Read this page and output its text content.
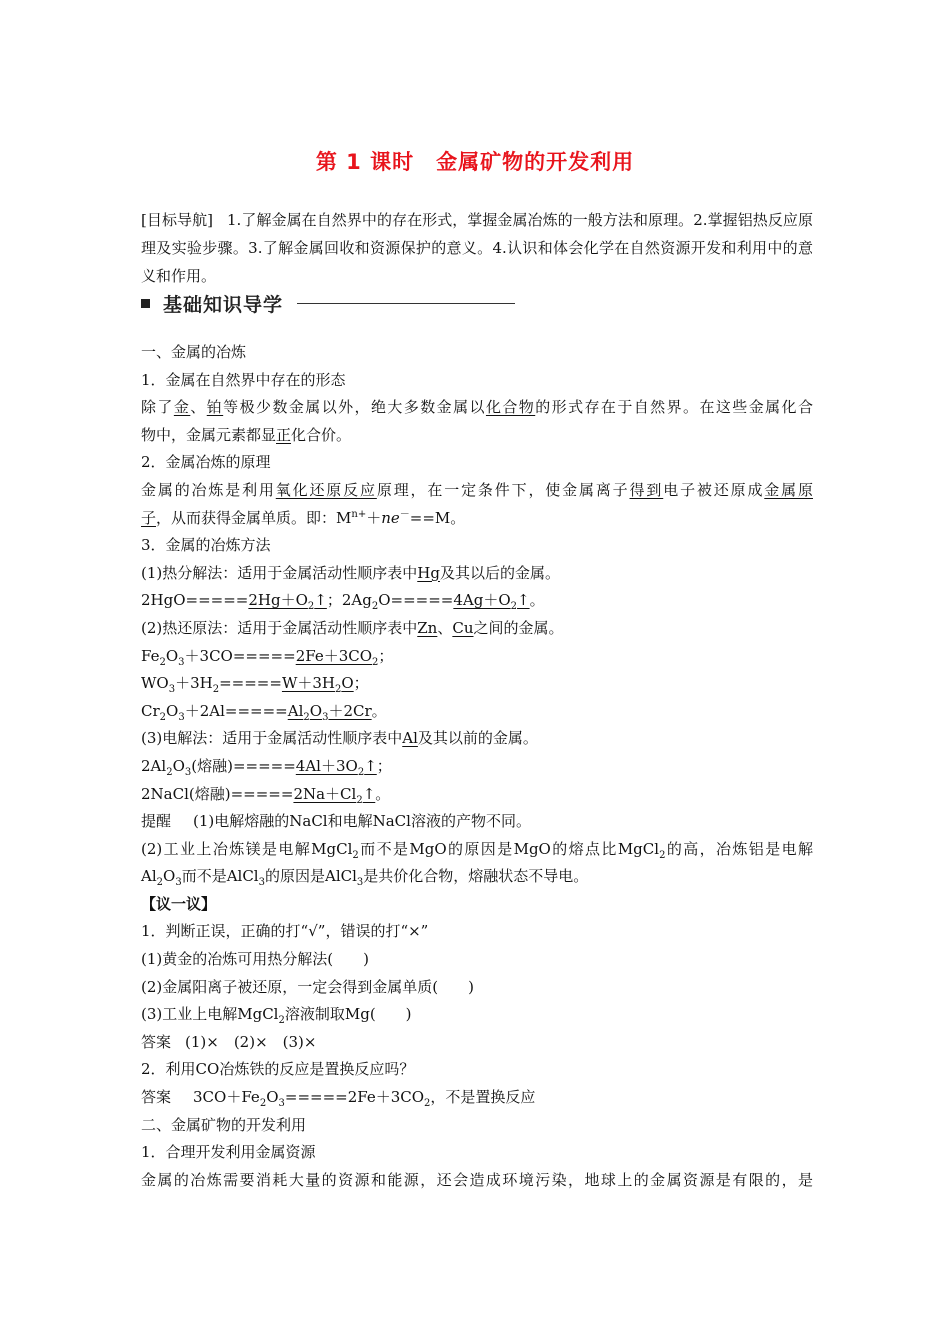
第 1 课时 金属矿物的开发利用
[目标导航] 1.了解金属在自然界中的存在形式，掌握金属冶炼的一般方法和原理。2.掌握铝热反应原理及实验步骤。3.了解金属回收和资源保护的意义。4.认识和体会化学在自然资源开发和利用中的意义和作用。
基础知识导学
一、金属的冶炼
1．金属在自然界中存在的形态
除了金、铂等极少数金属以外，绝大多数金属以化合物的形式存在于自然界。在这些金属化合
物中，金属元素都显正化合价。
2．金属冶炼的原理
金属的冶炼是利用氧化还原反应原理，在一定条件下，使金属离子得到电子被还原成金属原
子，从而获得金属单质。即：$M^{n+}+ne^-==M$。
3．金属的冶炼方法
(1)热分解法：适用于金属活动性顺序表中Hg及其以后的金属。
$2HgO=====2Hg+O_2↑$；$2Ag_2O=====4Ag+O_2↑$。
(2)热还原法：适用于金属活动性顺序表中Zn、Cu之间的金属。
$Fe_2O_3+3CO=====2Fe+3CO_2$；
$WO_3+3H_2=====W+3H_2O$；
$Cr_2O_3+2Al=====Al_2O_3+2Cr$。
(3)电解法：适用于金属活动性顺序表中Al及其以前的金属。
$2Al_2O_3$(熔融)$=====4Al+3O_2↑$；
2NaCl(熔融)$=====2Na+Cl_2↑$。
提醒 (1)电解熔融的NaCl和电解NaCl溶液的产物不同。
(2)工业上冶炼镁是电解MgCl$_2$而不是MgO的原因是MgO的熔点比MgCl$_2$的高，冶炼铝是电解
$Al_2O_3$而不是AlCl$_3$的原因是AlCl$_3$是共价化合物，熔融状态不导电。
【议一议】
1．判断正误，正确的打“√”，错误的打“×”
(1)黄金的冶炼可用热分解法(　　)
(2)金属阳离子被还原，一定会得到金属单质(　　)
(3)工业上电解MgCl$_2$溶液制取Mg(　　)
答案 (1)×　(2)×　(3)×
2．利用CO冶炼铁的反应是置换反应吗？
答案 $3CO+Fe_2O_3=====2Fe+3CO_2$，不是置换反应
二、金属矿物的开发利用
1．合理开发利用金属资源
金属的冶炼需要消耗大量的资源和能源，还会造成环境污染，地球上的金属资源是有限的，是
